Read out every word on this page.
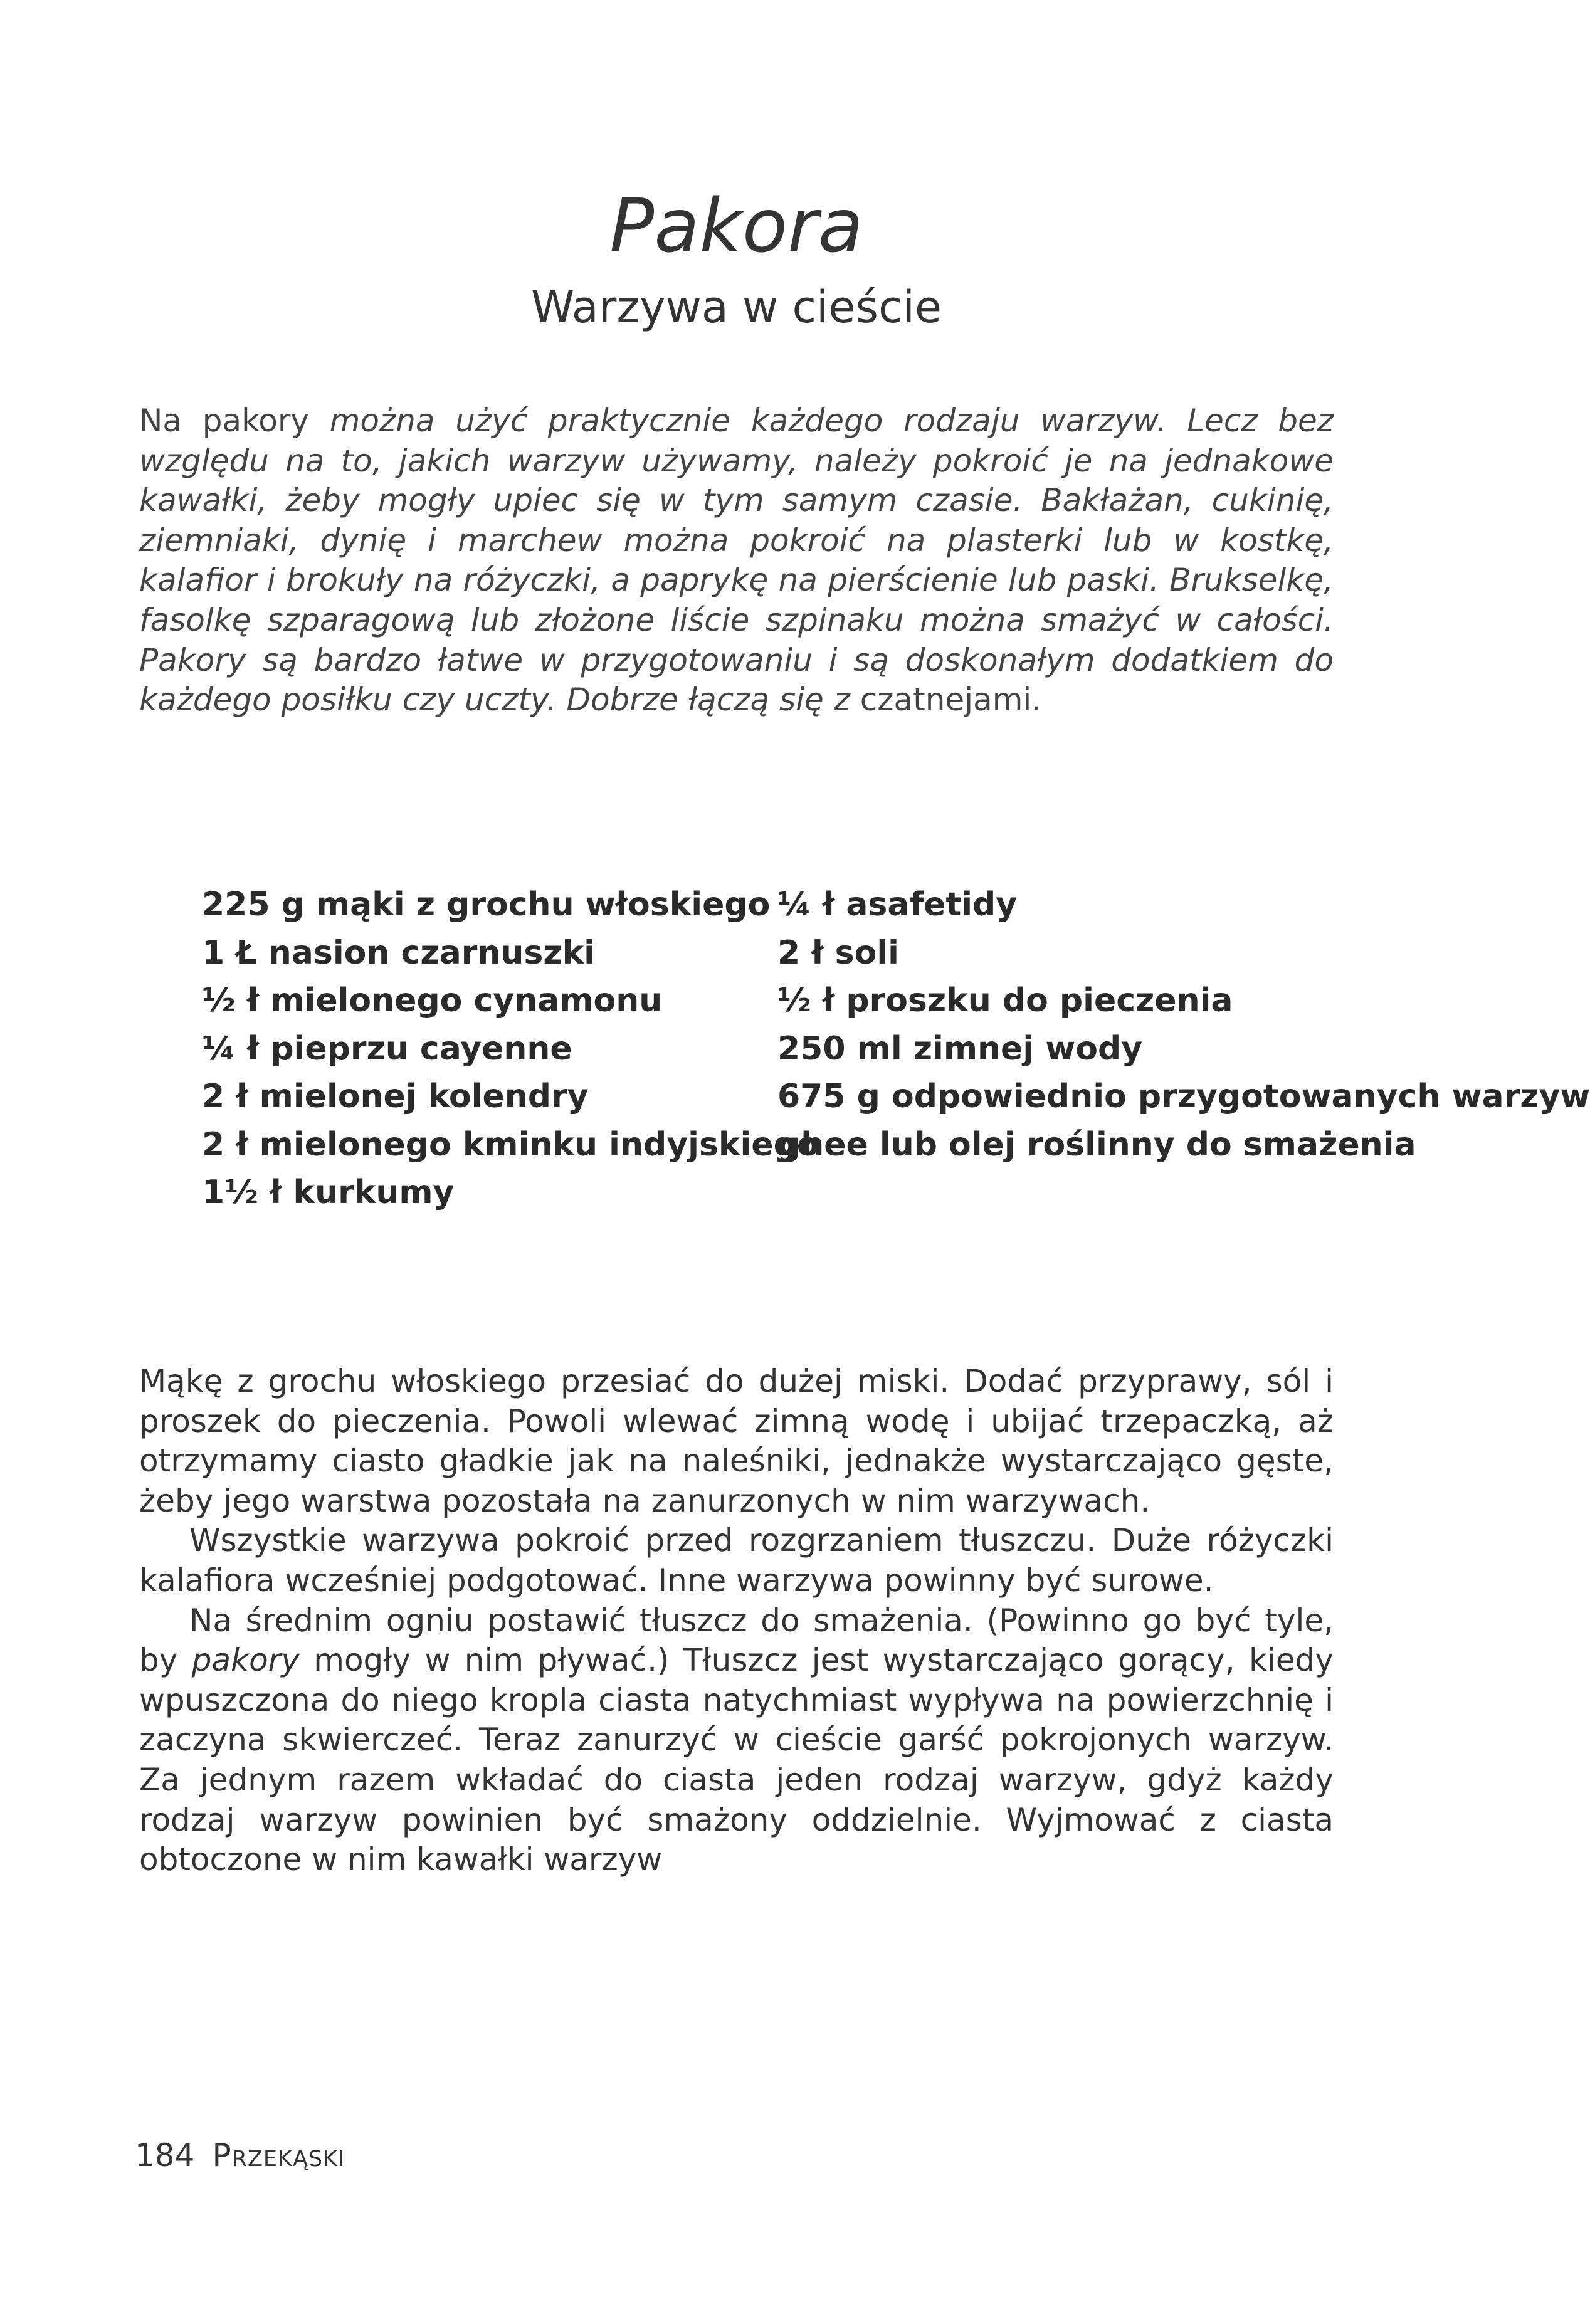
Pakora
Warzywa w cieście

Na pakory można użyć praktycznie każdego rodzaju warzyw. Lecz bez względu na to, jakich warzyw używamy, należy pokroić je na jednakowe kawałki, żeby mogły upiec się w tym samym czasie. Bakłażan, cukinię, ziemniaki, dynię i marchew można pokroić na plasterki lub w kostkę, kalafior i brokuły na różyczki, a paprykę na pierścienie lub paski. Brukselkę, fasolkę szparagową lub złożone liście szpinaku można smażyć w całości. Pakory są bardzo łatwe w przygotowaniu i są doskonałym dodatkiem do każdego posiłku czy uczty. Dobrze łączą się z czatnejami.

225 g mąki z grochu włoskiego
1 Ł nasion czarnuszki
½ ł mielonego cynamonu
¼ ł pieprzu cayenne
2 ł mielonej kolendry
2 ł mielonego kminku indyjskiego
1½ ł kurkumy
¼ ł asafetidy
2 ł soli
½ ł proszku do pieczenia
250 ml zimnej wody
675 g odpowiednio przygotowanych warzyw
ghee lub olej roślinny do smażenia

Mąkę z grochu włoskiego przesiać do dużej miski. Dodać przyprawy, sól i proszek do pieczenia. Powoli wlewać zimną wodę i ubijać trzepaczką, aż otrzymamy ciasto gładkie jak na naleśniki, jednakże wystarczająco gęste, żeby jego warstwa pozostała na zanurzonych w nim warzywach.

Wszystkie warzywa pokroić przed rozgrzaniem tłuszczu. Duże różyczki kalafiora wcześniej podgotować. Inne warzywa powinny być surowe.

Na średnim ogniu postawić tłuszcz do smażenia. (Powinno go być tyle, by pakory mogły w nim pływać.) Tłuszcz jest wystarczająco gorący, kiedy wpuszczona do niego kropla ciasta natychmiast wypływa na powierzchnię i zaczyna skwierczeć. Teraz zanurzyć w cieście garść pokrojonych warzyw. Za jednym razem wkładać do ciasta jeden rodzaj warzyw, gdyż każdy rodzaj warzyw powinien być smażony oddzielnie. Wyjmować z ciasta obtoczone w nim kawałki warzyw

184 Przekąski
